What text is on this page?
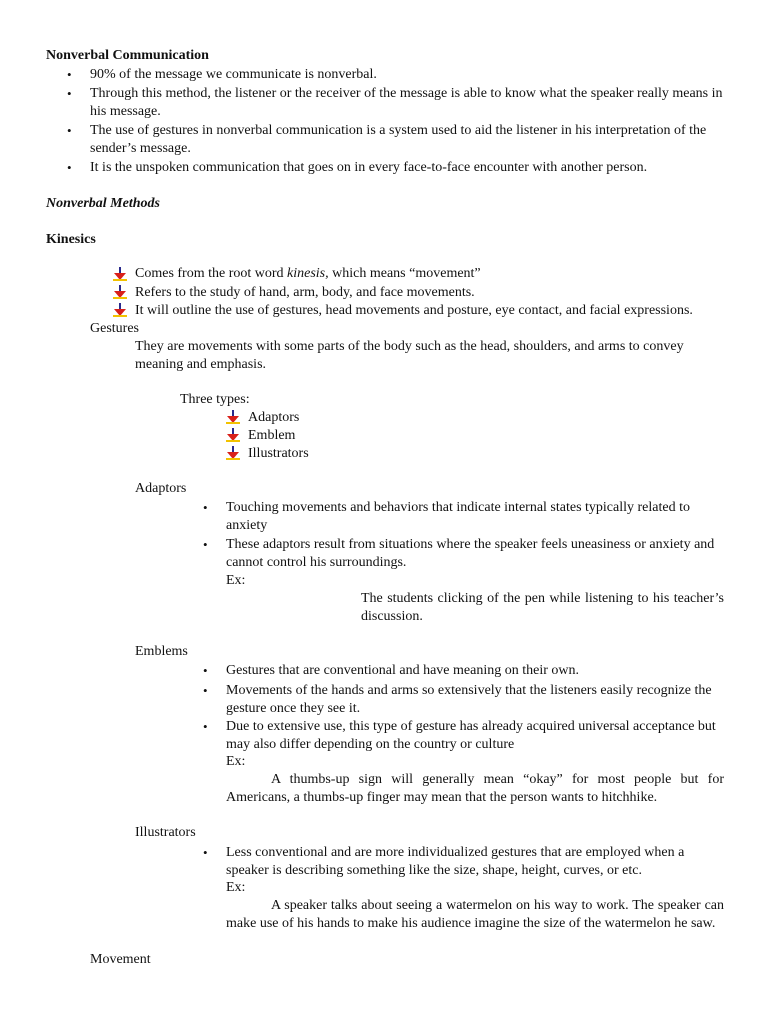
Nonverbal Communication
• 90% of the message we communicate is nonverbal.
• Through this method, the listener or the receiver of the message is able to know what the speaker really means in his message.
• The use of gestures in nonverbal communication is a system used to aid the listener in his interpretation of the sender’s message.
• It is the unspoken communication that goes on in every face-to-face encounter with another person.
Nonverbal Methods
Kinesics
Comes from the root word kinesis, which means “movement”
Refers to the study of hand, arm, body, and face movements.
It will outline the use of gestures, head movements and posture, eye contact, and facial expressions.
Gestures
They are movements with some parts of the body such as the head, shoulders, and arms to convey meaning and emphasis.
Three types:
Adaptors
Emblem
Illustrators
Adaptors
• Touching movements and behaviors that indicate internal states typically related to anxiety
• These adaptors result from situations where the speaker feels uneasiness or anxiety and cannot control his surroundings.
Ex:
The students clicking of the pen while listening to his teacher’s discussion.
Emblems
• Gestures that are conventional and have meaning on their own.
• Movements of the hands and arms so extensively that the listeners easily recognize the gesture once they see it.
• Due to extensive use, this type of gesture has already acquired universal acceptance but may also differ depending on the country or culture
Ex:
A thumbs-up sign will generally mean “okay” for most people but for Americans, a thumbs-up finger may mean that the person wants to hitchhike.
Illustrators
• Less conventional and are more individualized gestures that are employed when a speaker is describing something like the size, shape, height, curves, or etc.
Ex:
A speaker talks about seeing a watermelon on his way to work. The speaker can make use of his hands to make his audience imagine the size of the watermelon he saw.
Movement
